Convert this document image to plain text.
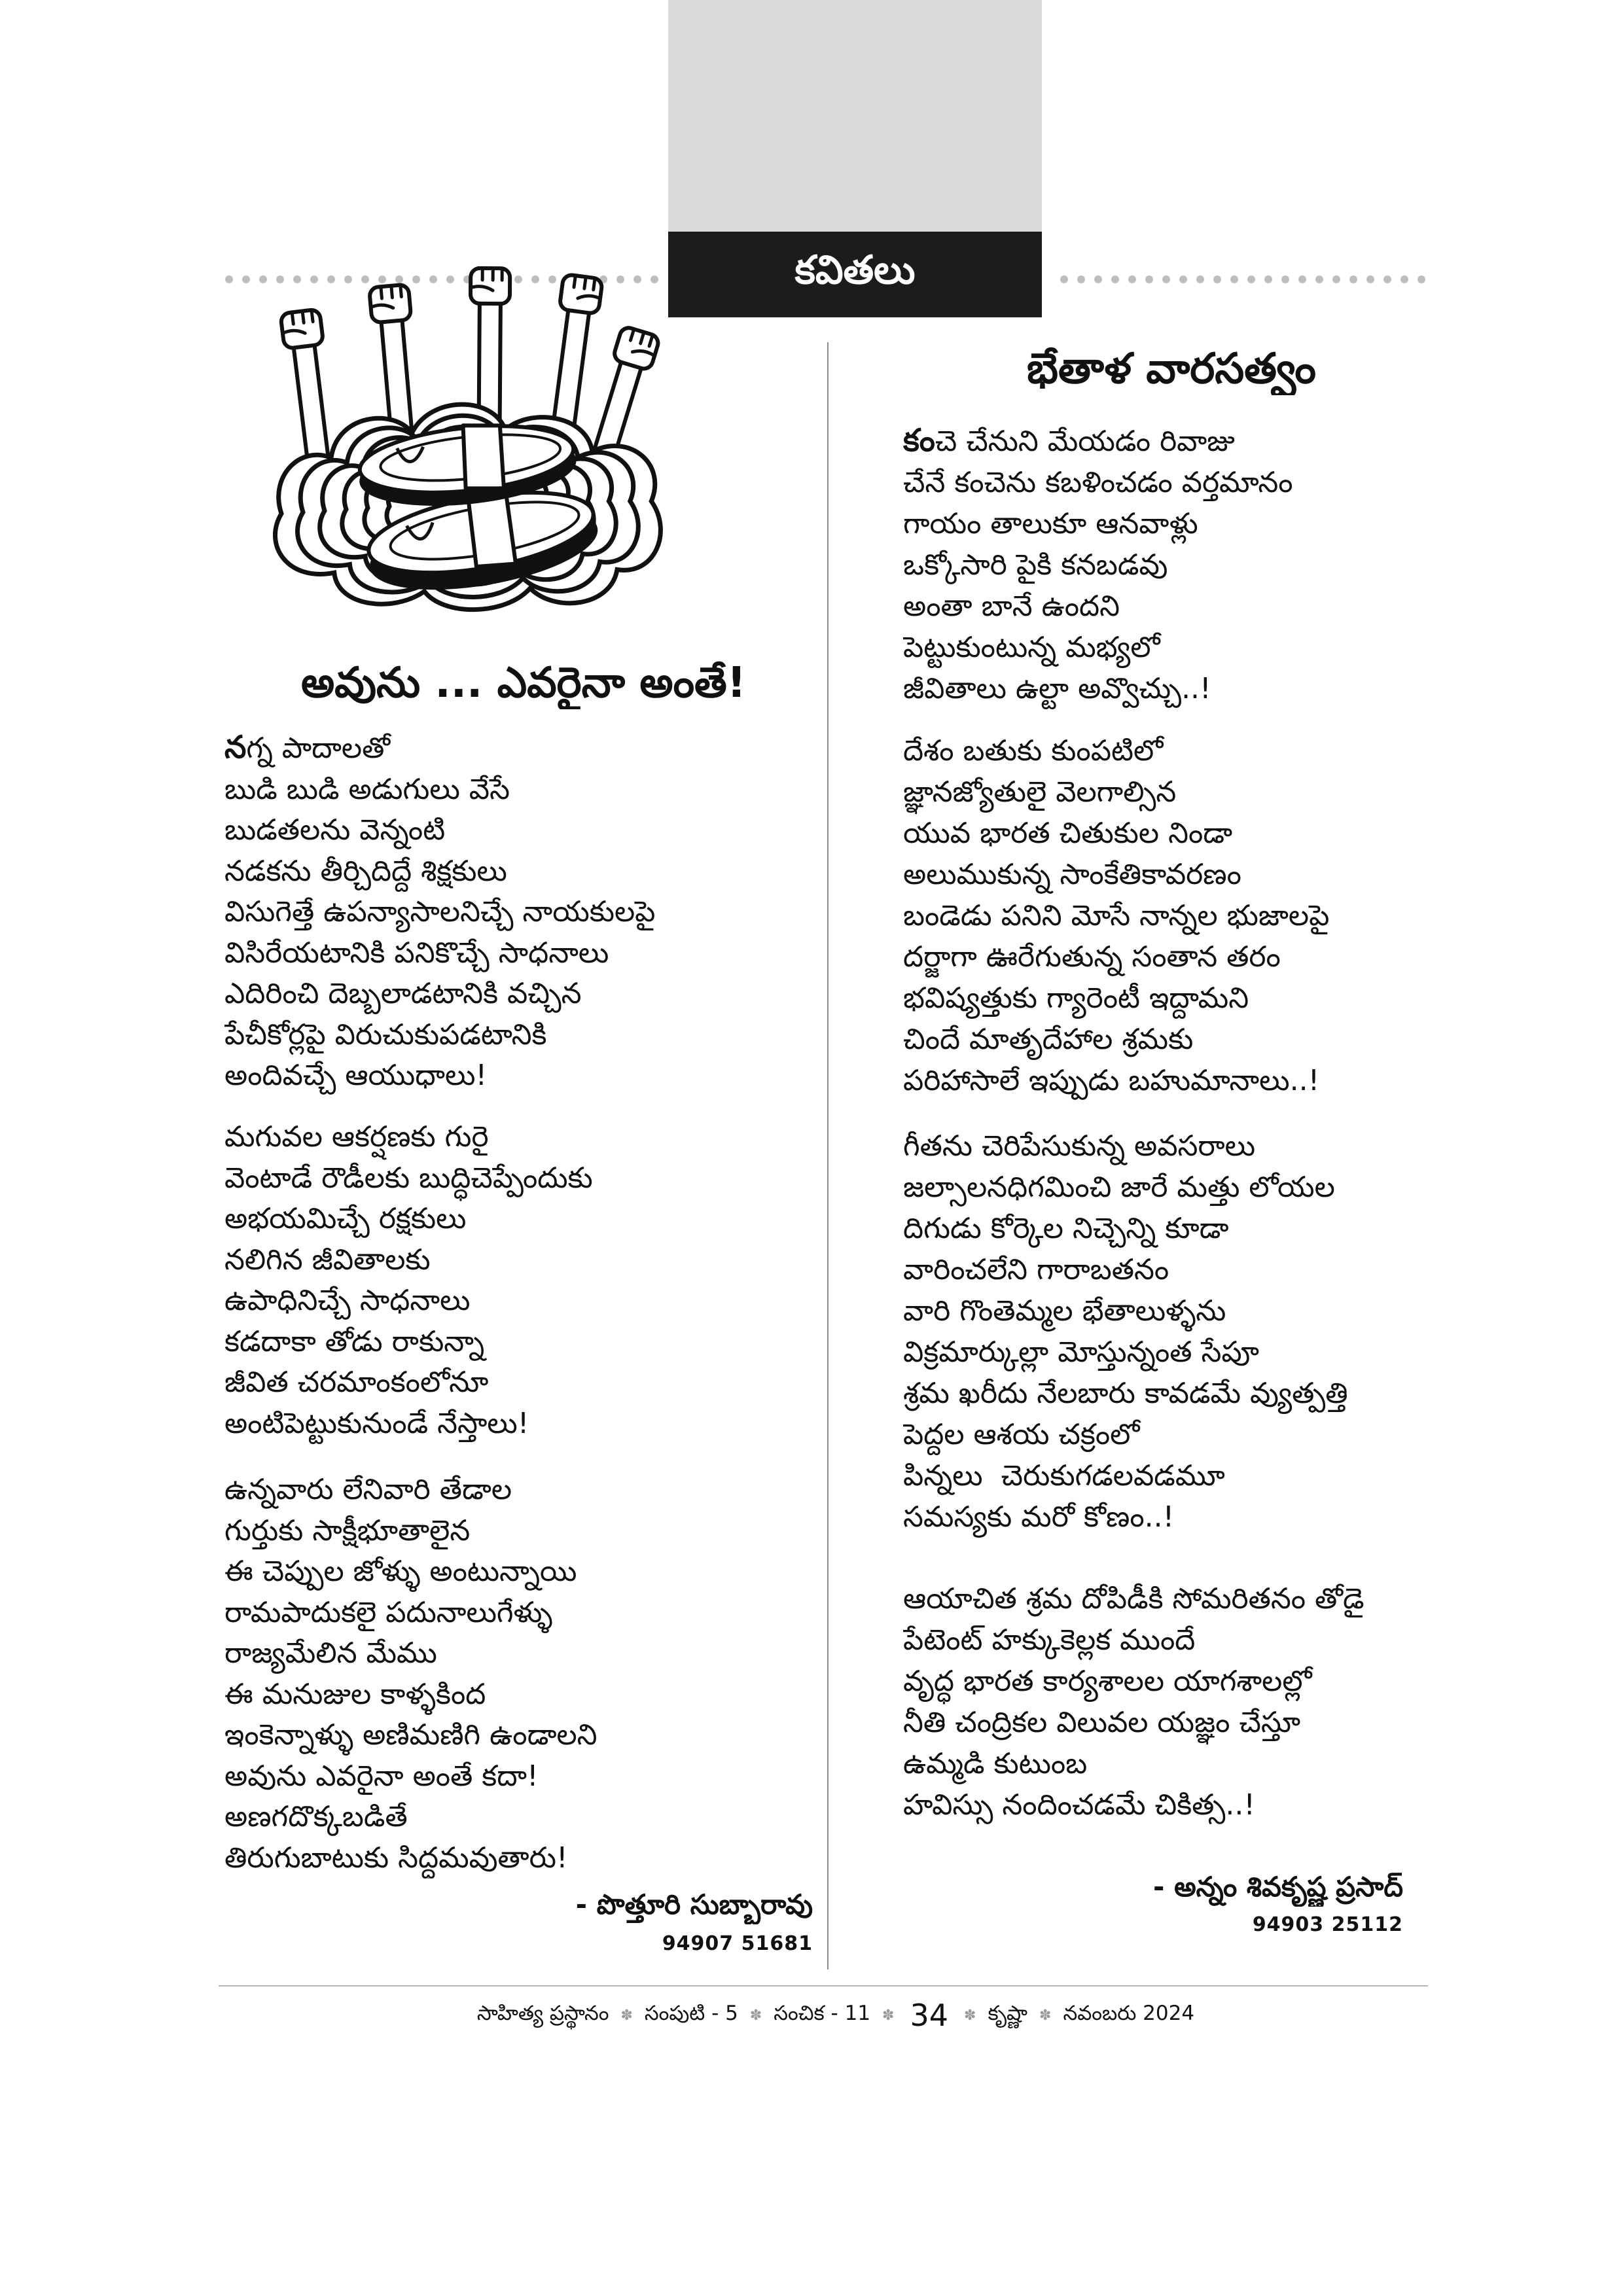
కవితలు
అవును ... ఎవరైనా అంతే!
నగ్న పాదాలతో
బుడి బుడి అడుగులు వేసే
బుడతలను వెన్నంటి
నడకను తీర్చిదిద్దే శిక్షకులు
విసుగెత్తే ఉపన్యాసాలనిచ్చే నాయకులపై
విసిరేయటానికి పనికొచ్చే సాధనాలు
ఎదిరించి దెబ్బలాడటానికి వచ్చిన
పేచీకోర్లపై విరుచుకుపడటానికి
అందివచ్చే ఆయుధాలు!
మగువల ఆకర్షణకు గురై
వెంటాడే రౌడీలకు బుద్ధిచెప్పేందుకు
అభయమిచ్చే రక్షకులు
నలిగిన జీవితాలకు
ఉపాధినిచ్చే సాధనాలు
కడదాకా తోడు రాకున్నా
జీవిత చరమాంకంలోనూ
అంటిపెట్టుకునుండే నేస్తాలు!
ఉన్నవారు లేనివారి తేడాల
గుర్తుకు సాక్షీభూతాలైన
ఈ చెప్పుల జోళ్ళు అంటున్నాయి
రామపాదుకలై పదునాలుగేళ్ళు
రాజ్యమేలిన మేము
ఈ మనుజుల కాళ్ళకింద
ఇంకెన్నాళ్ళు అణిమణిగి ఉండాలని
అవును ఎవరైనా అంతే కదా!
అణగదొక్కబడితే
తిరుగుబాటుకు సిద్ధమవుతారు!
- పొత్తూరి సుబ్బారావు
94907 51681
భేతాళ వారసత్వం
కంచె చేనుని మేయడం రివాజు
చేనే కంచెను కబళించడం వర్తమానం
గాయం తాలుకూ ఆనవాళ్లు
ఒక్కోసారి పైకి కనబడవు
అంతా బానే ఉందని
పెట్టుకుంటున్న మభ్యలో
జీవితాలు ఉల్టా అవ్వొచ్చు..!
దేశం బతుకు కుంపటిలో
జ్ఞానజ్యోతులై వెలగాల్సిన
యువ భారత చితుకుల నిండా
అలుముకున్న సాంకేతికావరణం
బండెడు పనిని మోసే నాన్నల భుజాలపై
దర్జాగా ఊరేగుతున్న సంతాన తరం
భవిష్యత్తుకు గ్యారెంటీ ఇద్దామని
చిందే మాతృదేహాల శ్రమకు
పరిహాసాలే ఇప్పుడు బహుమానాలు..!
గీతను చెరిపేసుకున్న అవసరాలు
జల్సాలనధిగమించి జారే మత్తు లోయల
దిగుడు కోర్కెల నిచ్చెన్ని కూడా
వారించలేని గారాబతనం
వారి గొంతెమ్మల భేతాలుళ్ళను
విక్రమార్కుల్లా మోస్తున్నంత సేపూ
శ్రమ ఖరీదు నేలబారు కావడమే వ్యుత్పత్తి
పెద్దల ఆశయ చక్రంలో
పిన్నలు  చెరుకుగడలవడమూ
సమస్యకు మరో కోణం..!
ఆయాచిత శ్రమ దోపిడీకి సోమరితనం తోడై
పేటెంట్ హక్కుకెల్లక ముందే
వృద్ధ భారత కార్యశాలల యాగశాలల్లో
నీతి చంద్రికల విలువల యజ్ఞం చేస్తూ
ఉమ్మడి కుటుంబ
హవిస్సు నందించడమే చికిత్స..!
- అన్నం శివకృష్ణ ప్రసాద్
94903 25112
సాహిత్య ప్రస్థానం ✽ సంపుటి - 5 ✽ సంచిక - 11 ✽ 34 ✽ కృష్ణా ✽ నవంబరు 2024
